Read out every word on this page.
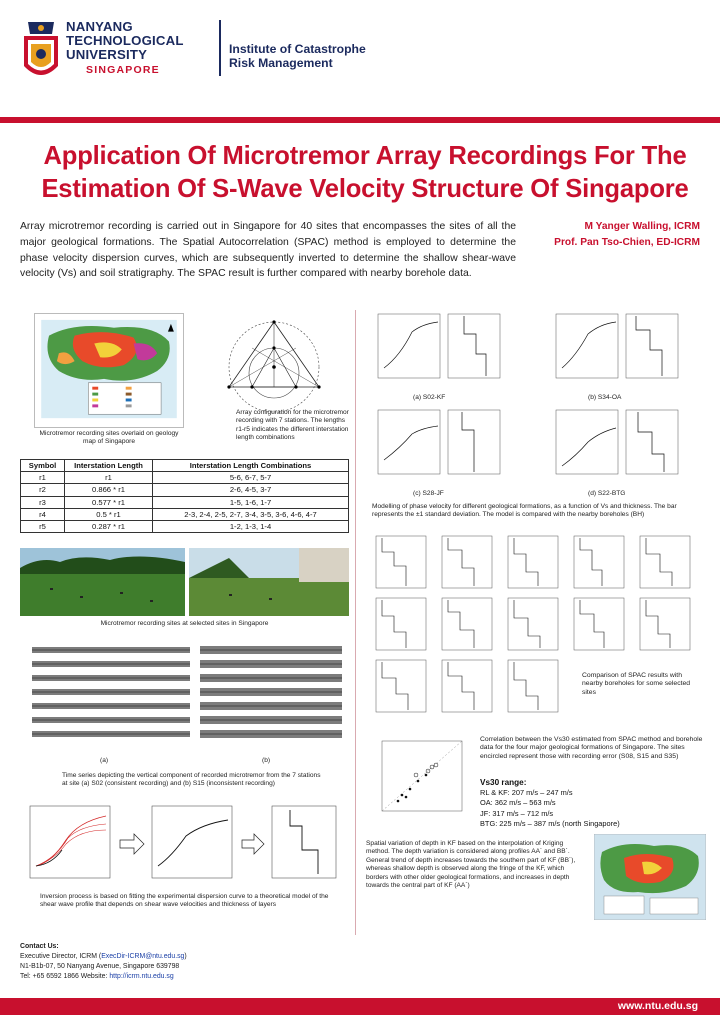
NANYANG
TECHNOLOGICAL
UNIVERSITY
SINGAPORE
Institute of Catastrophe
Risk Management
Application Of Microtremor Array Recordings For The
Estimation Of S-Wave Velocity Structure Of Singapore
Array microtremor recording is carried out in Singapore for 40 sites that encompasses the sites of all the major geological formations. The Spatial Autocorrelation (SPAC) method is employed to determine the phase velocity dispersion curves, which are subsequently inverted to determine the shallow shear-wave velocity (Vs) and soil stratigraphy. The SPAC result is further compared with nearby borehole data.
M Yanger Walling, ICRM
Prof. Pan Tso-Chien, ED-ICRM
Microtremor recording sites overlaid on geology map of Singapore
Array configuration for the microtremor recording with 7 stations. The lengths r1-r5 indicates the different interstation length combinations
Symbol	Interstation Length	Interstation Length Combinations
r1	r1	5-6, 6-7, 5-7
r2	0.866 * r1	2-6, 4-5, 3-7
r3	0.577 * r1	1-5, 1-6, 1-7
r4	0.5 * r1	2-3, 2-4, 2-5, 2-7, 3-4, 3-5, 3-6, 4-6, 4-7
r5	0.287 * r1	1-2, 1-3, 1-4
Microtremor recording sites at selected sites in Singapore
(a)	(b)
Time series depicting the vertical component of recorded microtremor from the 7 stations at site (a) S02 (consistent recording) and (b) S15 (inconsistent recording)
Inversion process is based on fitting the experimental dispersion curve to a theoretical model of the shear wave profile that depends on shear wave velocities and thickness of layers
(a) S02-KF	(b) S34-OA
(c) S28-JF	(d) S22-BTG
Modelling of phase velocity for different geological formations, as a function of Vs and thickness. The bar represents the ±1 standard deviation. The model is compared with the nearby boreholes (BH)
Comparison of SPAC results with nearby boreholes for some selected sites
Correlation between the Vs30 estimated from SPAC method and borehole data for the four major geological formations of Singapore. The sites encircled represent those with recording error (S08, S15 and S35)
Vs30 range:
RL & KF: 207 m/s – 247 m/s
OA: 362 m/s – 563 m/s
JF: 317 m/s – 712 m/s
BTG: 225 m/s – 387 m/s (north Singapore)
Spatial variation of depth in KF based on the interpolation of Kriging method. The depth variation is considered along profiles AA´ and BB´. General trend of depth increases towards the southern part of KF (BB´), whereas shallow depth is observed along the fringe of the KF, which borders with other older geological formations, and increases in depth towards the central part of KF (AA´)
Contact Us:
Executive Director, ICRM (ExecDir-ICRM@ntu.edu.sg)
N1-B1b-07, 50 Nanyang Avenue, Singapore 639798
Tel: +65 6592 1866 Website: http://icrm.ntu.edu.sg
www.ntu.edu.sg
